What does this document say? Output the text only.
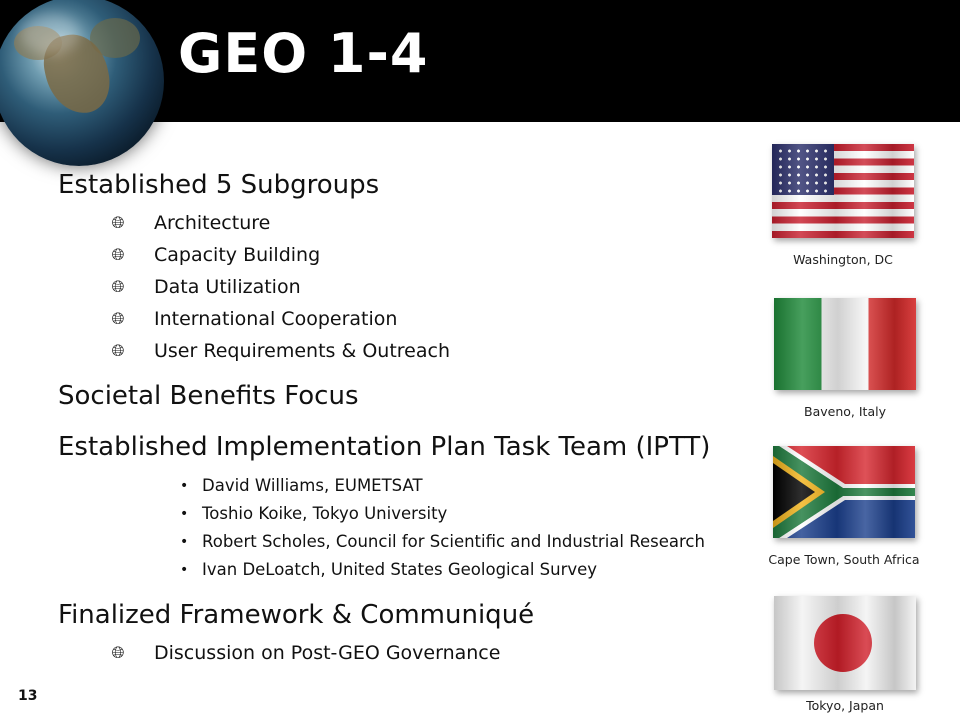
GEO 1-4

Established 5 Subgroups

🌐︎ Architecture
🌐︎ Capacity Building
🌐︎ Data Utilization
🌐︎ International Cooperation
🌐︎ User Requirements & Outreach

Societal Benefits Focus

Established Implementation Plan Task Team (IPTT)

• David Williams, EUMETSAT
• Toshio Koike, Tokyo University
• Robert Scholes, Council for Scientific and Industrial Research
• Ivan DeLoatch, United States Geological Survey

Finalized Framework & Communiqué

🌐︎ Discussion on Post-GEO Governance
Washington, DC
Baveno, Italy
Cape Town, South Africa
Tokyo, Japan
13
